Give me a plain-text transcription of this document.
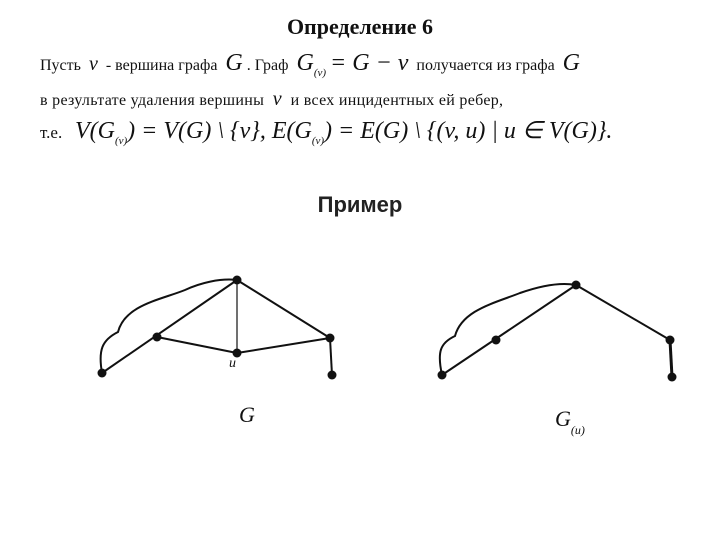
Определение 6
Пусть v - вершина графа G . Граф $G_{(v)} = G - v$ получается из графа G
в результате удаления вершины v и всех инцидентных ей ребер,
т.е. $V(G_{(v)}) = V(G)$ \ {v}, $E(G_{(v)}) = E(G)$ \ {(v, u) | u ∈ V(G)}.
Пример
u
G	$G_{(u)}$
